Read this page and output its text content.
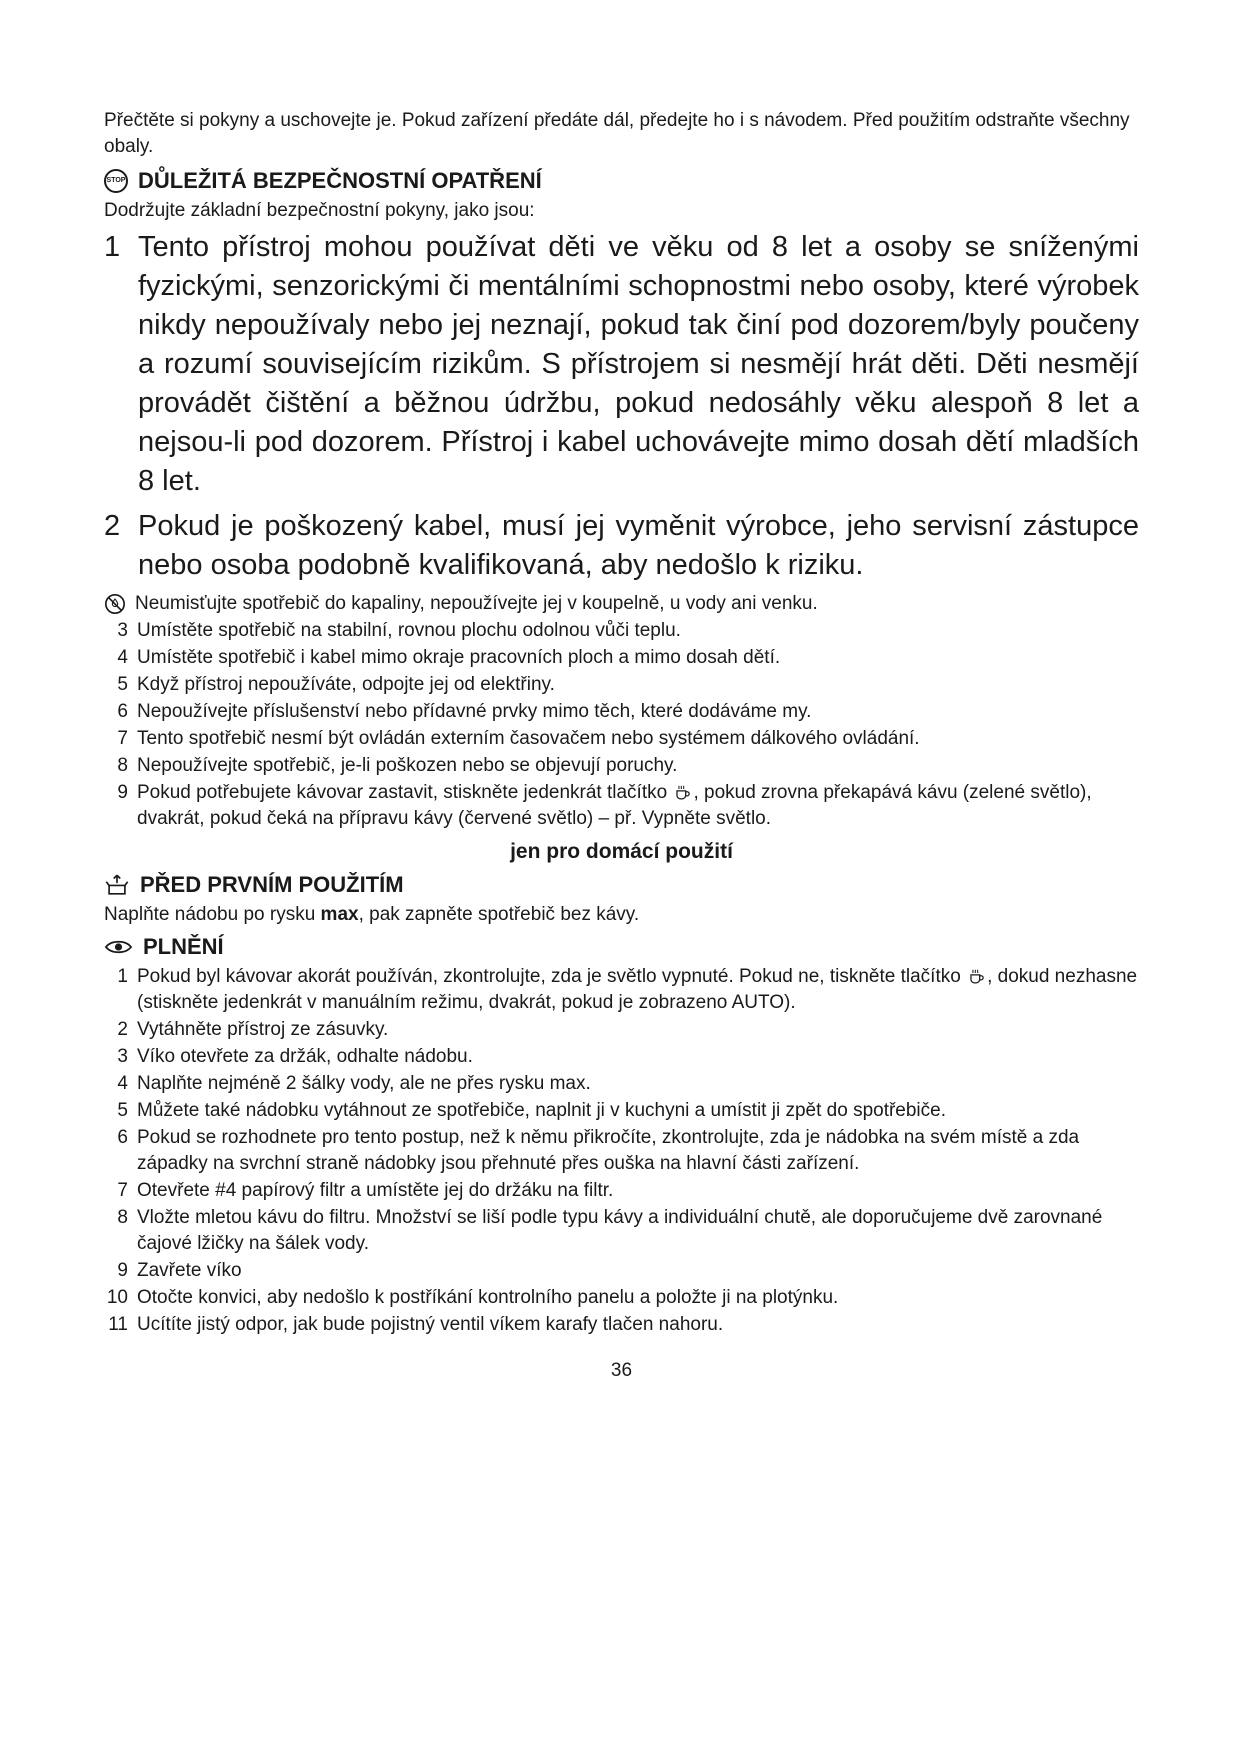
Přečtěte si pokyny a uschovejte je. Pokud zařízení předáte dál, předejte ho i s návodem. Před použitím odstraňte všechny obaly.

STOP DŮLEŽITÁ BEZPEČNOSTNÍ OPATŘENÍ

Dodržujte základní bezpečnostní pokyny, jako jsou:

1 Tento přístroj mohou používat děti ve věku od 8 let a osoby se sníženými fyzickými, senzorickými či mentálními schopnostmi nebo osoby, které výrobek nikdy nepoužívaly nebo jej neznají, pokud tak činí pod dozorem/byly poučeny a rozumí souvisejícím rizikům. S přístrojem si nesmějí hrát děti. Děti nesmějí provádět čištění a běžnou údržbu, pokud nedosáhly věku alespoň 8 let a nejsou-li pod dozorem. Přístroj i kabel uchovávejte mimo dosah dětí mladších 8 let.
2 Pokud je poškozený kabel, musí jej vyměnit výrobce, jeho servisní zástupce nebo osoba podobně kvalifikovaná, aby nedošlo k riziku.
Neumisťujte spotřebič do kapaliny, nepoužívejte jej v koupelně, u vody ani venku.
3 Umístěte spotřebič na stabilní, rovnou plochu odolnou vůči teplu.
4 Umístěte spotřebič i kabel mimo okraje pracovních ploch a mimo dosah dětí.
5 Když přístroj nepoužíváte, odpojte jej od elektřiny.
6 Nepoužívejte příslušenství nebo přídavné prvky mimo těch, které dodáváme my.
7 Tento spotřebič nesmí být ovládán externím časovačem nebo systémem dálkového ovládání.
8 Nepoužívejte spotřebič, je-li poškozen nebo se objevují poruchy.
9 Pokud potřebujete kávovar zastavit, stiskněte jedenkrát tlačítko , pokud zrovna překapává kávu (zelené světlo), dvakrát, pokud čeká na přípravu kávy (červené světlo) – př. Vypněte světlo.
jen pro domácí použití
PŘED PRVNÍM POUŽITÍM

Naplňte nádobu po rysku max, pak zapněte spotřebič bez kávy.

PLNĚNÍ
1 Pokud byl kávovar akorát používán, zkontrolujte, zda je světlo vypnuté. Pokud ne, tiskněte tlačítko , dokud nezhasne (stiskněte jedenkrát v manuálním režimu, dvakrát, pokud je zobrazeno AUTO).
2 Vytáhněte přístroj ze zásuvky.
3 Víko otevřete za držák, odhalte nádobu.
4 Naplňte nejméně 2 šálky vody, ale ne přes rysku max.
5 Můžete také nádobku vytáhnout ze spotřebiče, naplnit ji v kuchyni a umístit ji zpět do spotřebiče.
6 Pokud se rozhodnete pro tento postup, než k němu přikročíte, zkontrolujte, zda je nádobka na svém místě a zda západky na svrchní straně nádobky jsou přehnuté přes ouška na hlavní části zařízení.
7 Otevřete #4 papírový filtr a umístěte jej do držáku na filtr.
8 Vložte mletou kávu do filtru. Množství se liší podle typu kávy a individuální chutě, ale doporučujeme dvě zarovnané čajové lžičky na šálek vody.
9 Zavřete víko
10 Otočte konvici, aby nedošlo k postříkání kontrolního panelu a položte ji na plotýnku.
11 Ucítíte jistý odpor, jak bude pojistný ventil víkem karafy tlačen nahoru.
36
